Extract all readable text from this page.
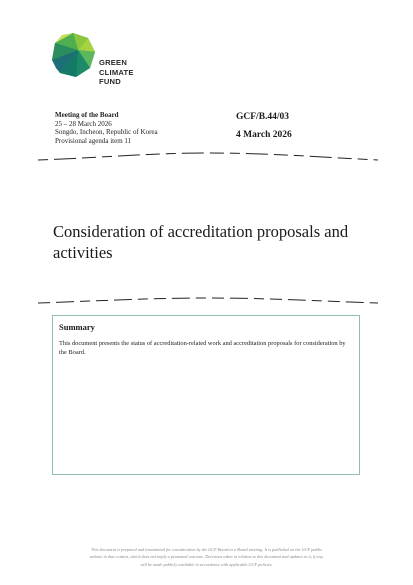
GREEN
CLIMATE
FUND
Meeting of the Board
25 – 28 March 2026
Songdo, Incheon, Republic of Korea
Provisional agenda item 11
GCF/B.44/03
4 March 2026
Consideration of accreditation proposals and activities
Summary
This document presents the status of accreditation-related work and accreditation proposals for consideration by the Board.
This document is prepared and transmitted for consideration by the GCF Board at a Board meeting. It is published on the GCF public
website in that context, which does not imply a presumed outcome. Decisions taken in relation to this document and updates to it, if any,
will be made publicly available in accordance with applicable GCF policies.
